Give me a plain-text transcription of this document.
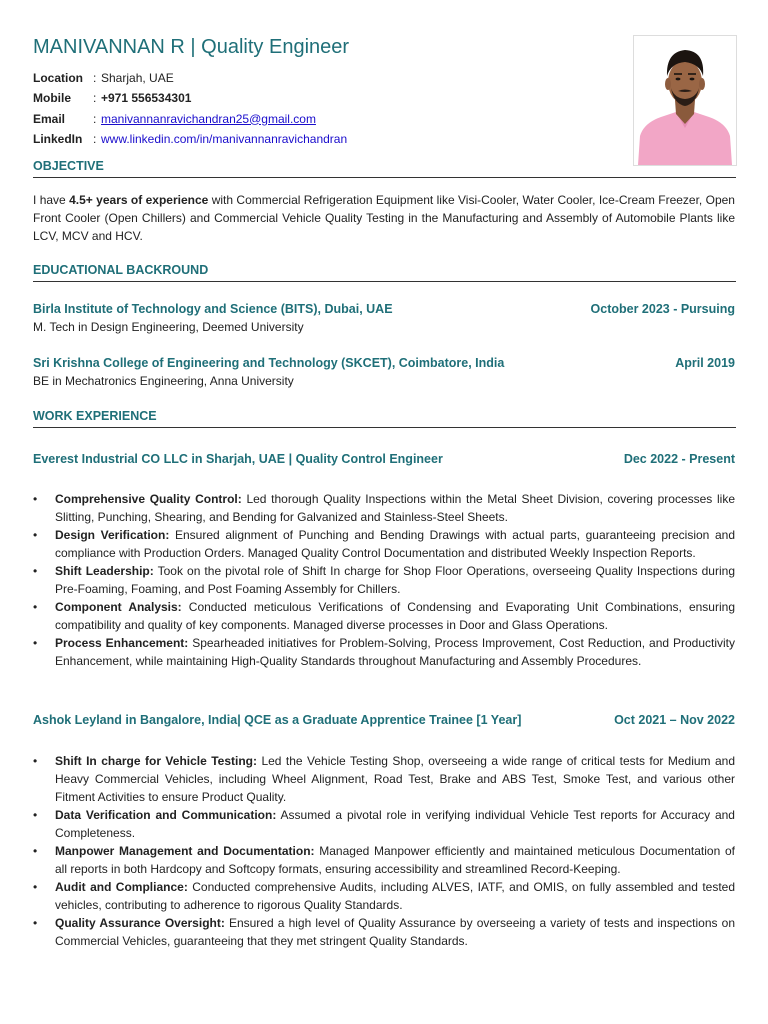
MANIVANNAN R | Quality Engineer
Location : Sharjah, UAE
Mobile	: +971 556534301
Email	: manivannanravichandran25@gmail.com
LinkedIn : www.linkedin.com/in/manivannanravichandran
OBJECTIVE

I have 4.5+ years of experience with Commercial Refrigeration Equipment like Visi-Cooler, Water Cooler, Ice-Cream Freezer, Open Front Cooler (Open Chillers) and Commercial Vehicle Quality Testing in the Manufacturing and Assembly of Automobile Plants like LCV, MCV and HCV.

EDUCATIONAL BACKROUND
Birla Institute of Technology and Science (BITS), Dubai, UAE	October 2023 - Pursuing
M. Tech in Design Engineering, Deemed University
Sri Krishna College of Engineering and Technology (SKCET), Coimbatore, India	April 2019
BE in Mechatronics Engineering, Anna University
WORK EXPERIENCE
Everest Industrial CO LLC in Sharjah, UAE | Quality Control Engineer	Dec 2022 - Present
• Comprehensive Quality Control: Led thorough Quality Inspections within the Metal Sheet Division, covering processes like Slitting, Punching, Shearing, and Bending for Galvanized and Stainless-Steel Sheets.
• Design Verification: Ensured alignment of Punching and Bending Drawings with actual parts, guaranteeing precision and compliance with Production Orders. Managed Quality Control Documentation and distributed Weekly Inspection Reports.
• Shift Leadership: Took on the pivotal role of Shift In charge for Shop Floor Operations, overseeing Quality Inspections during Pre-Foaming, Foaming, and Post Foaming Assembly for Chillers.
• Component Analysis: Conducted meticulous Verifications of Condensing and Evaporating Unit Combinations, ensuring compatibility and quality of key components. Managed diverse processes in Door and Glass Operations.
• Process Enhancement: Spearheaded initiatives for Problem-Solving, Process Improvement, Cost Reduction, and Productivity Enhancement, while maintaining High-Quality Standards throughout Manufacturing and Assembly Procedures.
Ashok Leyland in Bangalore, India| QCE as a Graduate Apprentice Trainee [1 Year]	Oct 2021 – Nov 2022
• Shift In charge for Vehicle Testing: Led the Vehicle Testing Shop, overseeing a wide range of critical tests for Medium and Heavy Commercial Vehicles, including Wheel Alignment, Road Test, Brake and ABS Test, Smoke Test, and various other Fitment Activities to ensure Product Quality.
• Data Verification and Communication: Assumed a pivotal role in verifying individual Vehicle Test reports for Accuracy and Completeness.
• Manpower Management and Documentation: Managed Manpower efficiently and maintained meticulous Documentation of all reports in both Hardcopy and Softcopy formats, ensuring accessibility and streamlined Record-Keeping.
• Audit and Compliance: Conducted comprehensive Audits, including ALVES, IATF, and OMIS, on fully assembled and tested vehicles, contributing to adherence to rigorous Quality Standards.
• Quality Assurance Oversight: Ensured a high level of Quality Assurance by overseeing a variety of tests and inspections on Commercial Vehicles, guaranteeing that they met stringent Quality Standards.
